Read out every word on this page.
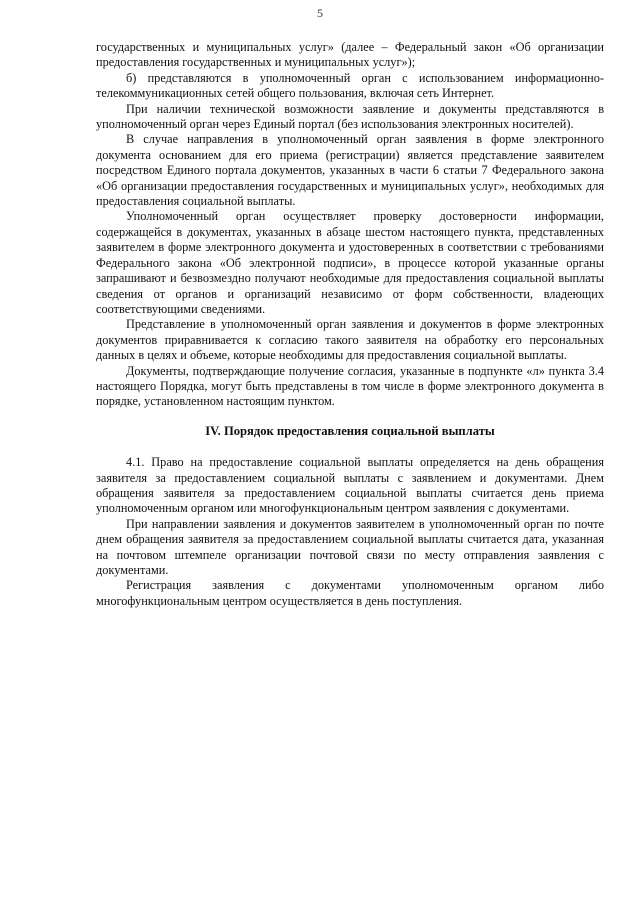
5

государственных и муниципальных услуг» (далее – Федеральный закон «Об организации предоставления государственных и муниципальных услуг»);

б) представляются в уполномоченный орган с использованием информационно-телекоммуникационных сетей общего пользования, включая сеть Интернет.

При наличии технической возможности заявление и документы представляются в уполномоченный орган через Единый портал (без использования электронных носителей).

В случае направления в уполномоченный орган заявления в форме электронного документа основанием для его приема (регистрации) является представление заявителем посредством Единого портала документов, указанных в части 6 статьи 7 Федерального закона «Об организации предоставления государственных и муниципальных услуг», необходимых для предоставления социальной выплаты.

Уполномоченный орган осуществляет проверку достоверности информации, содержащейся в документах, указанных в абзаце шестом настоящего пункта, представленных заявителем в форме электронного документа и удостоверенных в соответствии с требованиями Федерального закона «Об электронной подписи», в процессе которой указанные органы запрашивают и безвозмездно получают необходимые для предоставления социальной выплаты сведения от органов и организаций независимо от форм собственности, владеющих соответствующими сведениями.

Представление в уполномоченный орган заявления и документов в форме электронных документов приравнивается к согласию такого заявителя на обработку его персональных данных в целях и объеме, которые необходимы для предоставления социальной выплаты.

Документы, подтверждающие получение согласия, указанные в подпункте «л» пункта 3.4 настоящего Порядка, могут быть представлены в том числе в форме электронного документа в порядке, установленном настоящим пунктом.

IV. Порядок предоставления социальной выплаты

4.1. Право на предоставление социальной выплаты определяется на день обращения заявителя за предоставлением социальной выплаты с заявлением и документами. Днем обращения заявителя за предоставлением социальной выплаты считается день приема уполномоченным органом или многофункциональным центром заявления с документами.

При направлении заявления и документов заявителем в уполномоченный орган по почте днем обращения заявителя за предоставлением социальной выплаты считается дата, указанная на почтовом штемпеле организации почтовой связи по месту отправления заявления с документами.

Регистрация заявления с документами уполномоченным органом либо многофункциональным центром осуществляется в день поступления.
